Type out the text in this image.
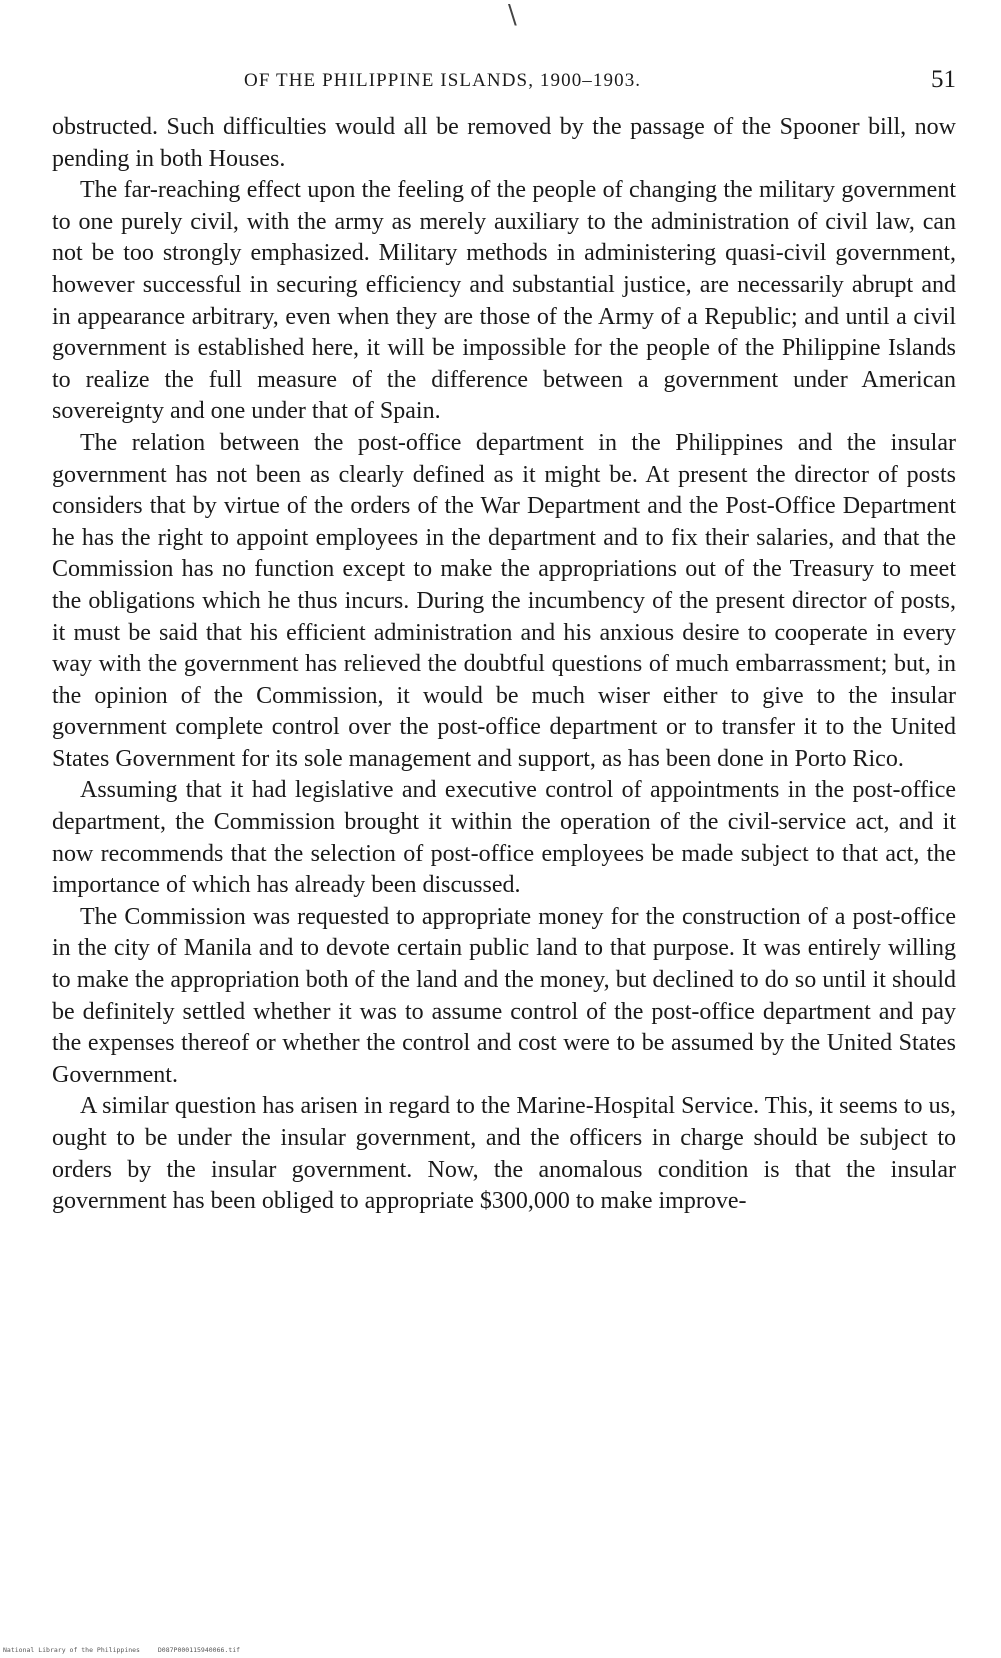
\
OF THE PHILIPPINE ISLANDS, 1900–1903.	51

obstructed. Such difficulties would all be removed by the passage of the Spooner bill, now pending in both Houses.

The far-reaching effect upon the feeling of the people of changing the military government to one purely civil, with the army as merely auxiliary to the administration of civil law, can not be too strongly emphasized. Military methods in administering quasi-civil government, however successful in securing efficiency and substantial justice, are necessarily abrupt and in appearance arbitrary, even when they are those of the Army of a Republic; and until a civil government is established here, it will be impossible for the people of the Philippine Islands to realize the full measure of the difference between a government under American sovereignty and one under that of Spain.

The relation between the post-office department in the Philippines and the insular government has not been as clearly defined as it might be. At present the director of posts considers that by virtue of the orders of the War Department and the Post-Office Department he has the right to appoint employees in the department and to fix their salaries, and that the Commission has no function except to make the appropriations out of the Treasury to meet the obligations which he thus incurs. During the incumbency of the present director of posts, it must be said that his efficient administration and his anxious desire to cooperate in every way with the government has relieved the doubtful questions of much embarrassment; but, in the opinion of the Commission, it would be much wiser either to give to the insular government complete control over the post-office department or to transfer it to the United States Government for its sole management and support, as has been done in Porto Rico.

Assuming that it had legislative and executive control of appointments in the post-office department, the Commission brought it within the operation of the civil-service act, and it now recommends that the selection of post-office employees be made subject to that act, the importance of which has already been discussed.

The Commission was requested to appropriate money for the construction of a post-office in the city of Manila and to devote certain public land to that purpose. It was entirely willing to make the appropriation both of the land and the money, but declined to do so until it should be definitely settled whether it was to assume control of the post-office department and pay the expenses thereof or whether the control and cost were to be assumed by the United States Government.

A similar question has arisen in regard to the Marine-Hospital Service. This, it seems to us, ought to be under the insular government, and the officers in charge should be subject to orders by the insular government. Now, the anomalous condition is that the insular government has been obliged to appropriate $300,000 to make improve-

National Library of the Philippines	D087P000115940066.tif
